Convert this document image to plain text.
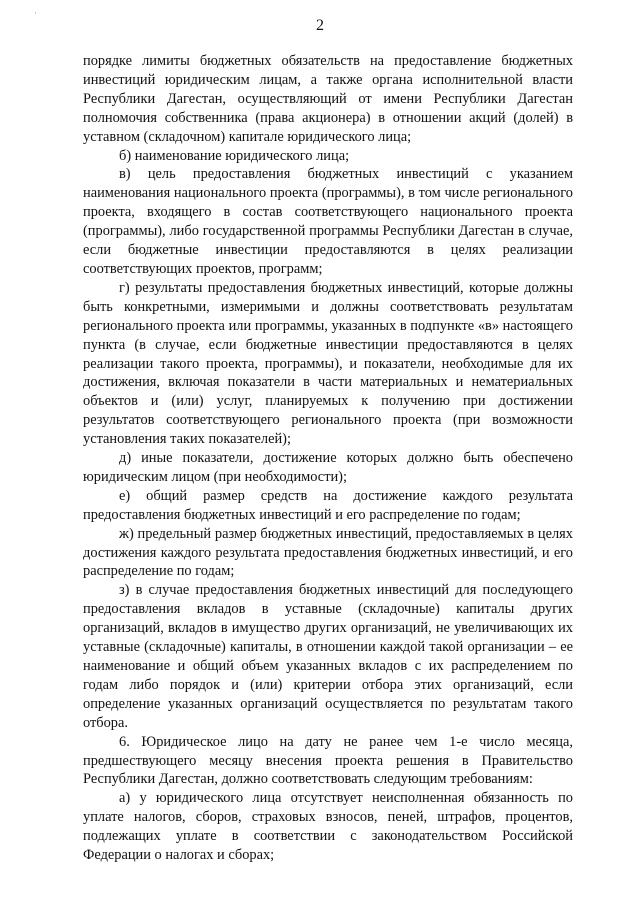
·
2

порядке лимиты бюджетных обязательств на предоставление бюджетных инвестиций юридическим лицам, а также органа исполнительной власти Республики Дагестан, осуществляющий от имени Республики Дагестан полномочия собственника (права акционера) в отношении акций (долей) в уставном (складочном) капитале юридического лица;

б) наименование юридического лица;

в) цель предоставления бюджетных инвестиций с указанием наименования национального проекта (программы), в том числе регионального проекта, входящего в состав соответствующего национального проекта (программы), либо государственной программы Республики Дагестан в случае, если бюджетные инвестиции предоставляются в целях реализации соответствующих проектов, программ;

г) результаты предоставления бюджетных инвестиций, которые должны быть конкретными, измеримыми и должны соответствовать результатам регионального проекта или программы, указанных в подпункте «в» настоящего пункта (в случае, если бюджетные инвестиции предоставляются в целях реализации такого проекта, программы), и показатели, необходимые для их достижения, включая показатели в части материальных и нематериальных объектов и (или) услуг, планируемых к получению при достижении результатов соответствующего регионального проекта (при возможности установления таких показателей);

д) иные показатели, достижение которых должно быть обеспечено юридическим лицом (при необходимости);

е) общий размер средств на достижение каждого результата предоставления бюджетных инвестиций и его распределение по годам;

ж) предельный размер бюджетных инвестиций, предоставляемых в целях достижения каждого результата предоставления бюджетных инвестиций, и его распределение по годам;

з) в случае предоставления бюджетных инвестиций для последующего предоставления вкладов в уставные (складочные) капиталы других организаций, вкладов в имущество других организаций, не увеличивающих их уставные (складочные) капиталы, в отношении каждой такой организации – ее наименование и общий объем указанных вкладов с их распределением по годам либо порядок и (или) критерии отбора этих организаций, если определение указанных организаций осуществляется по результатам такого отбора.

6. Юридическое лицо на дату не ранее чем 1-е число месяца, предшествующего месяцу внесения проекта решения в Правительство Республики Дагестан, должно соответствовать следующим требованиям:

а) у юридического лица отсутствует неисполненная обязанность по уплате налогов, сборов, страховых взносов, пеней, штрафов, процентов, подлежащих уплате в соответствии с законодательством Российской Федерации о налогах и сборах;
